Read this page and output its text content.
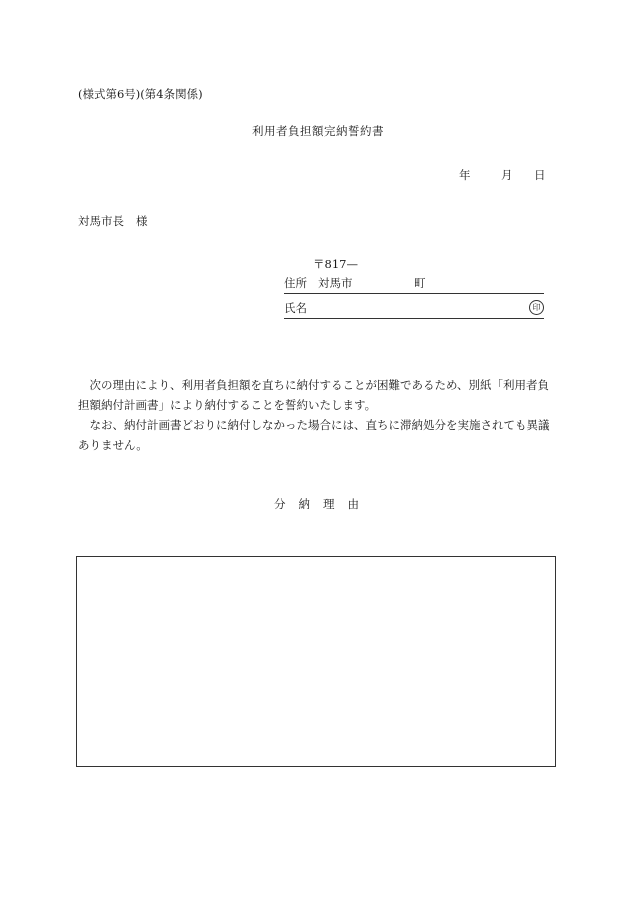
(様式第6号)(第4条関係)
利用者負担額完納誓約書
年	月 日
対馬市長 様
〒817—
住所 対馬市	町
氏名	印

次の理由により、利用者負担額を直ちに納付することが困難であるため、別紙「利用者負担額納付計画書」により納付することを誓約いたします。

なお、納付計画書どおりに納付しなかった場合には、直ちに滞納処分を実施されても異議ありません。

分納理由
